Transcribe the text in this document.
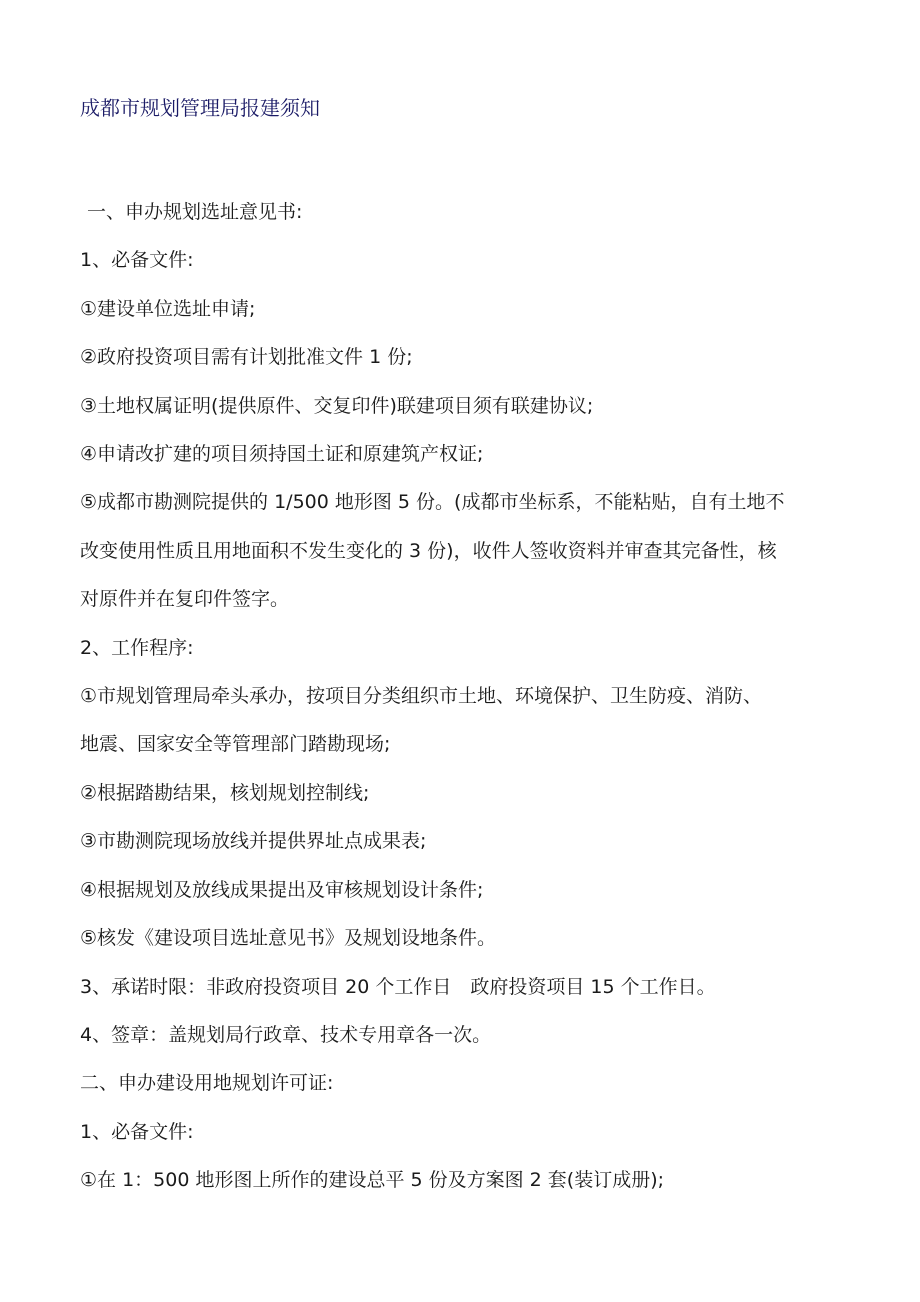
成都市规划管理局报建须知

一、申办规划选址意见书:

1、必备文件:

①建设单位选址申请;

②政府投资项目需有计划批准文件 1 份;

③土地权属证明(提供原件、交复印件)联建项目须有联建协议;

④申请改扩建的项目须持国土证和原建筑产权证;

⑤成都市勘测院提供的 1/500 地形图 5 份。(成都市坐标系，不能粘贴，自有土地不

改变使用性质且用地面积不发生变化的 3 份)，收件人签收资料并审查其完备性，核

对原件并在复印件签字。

2、工作程序:

①市规划管理局牵头承办，按项目分类组织市土地、环境保护、卫生防疫、消防、

地震、国家安全等管理部门踏勘现场;

②根据踏勘结果，核划规划控制线;

③市勘测院现场放线并提供界址点成果表;

④根据规划及放线成果提出及审核规划设计条件;

⑤核发《建设项目选址意见书》及规划设地条件。

3、承诺时限：非政府投资项目 20 个工作日　政府投资项目 15 个工作日。

4、签章：盖规划局行政章、技术专用章各一次。

二、申办建设用地规划许可证:

1、必备文件:

①在 1：500 地形图上所作的建设总平 5 份及方案图 2 套(装订成册);
